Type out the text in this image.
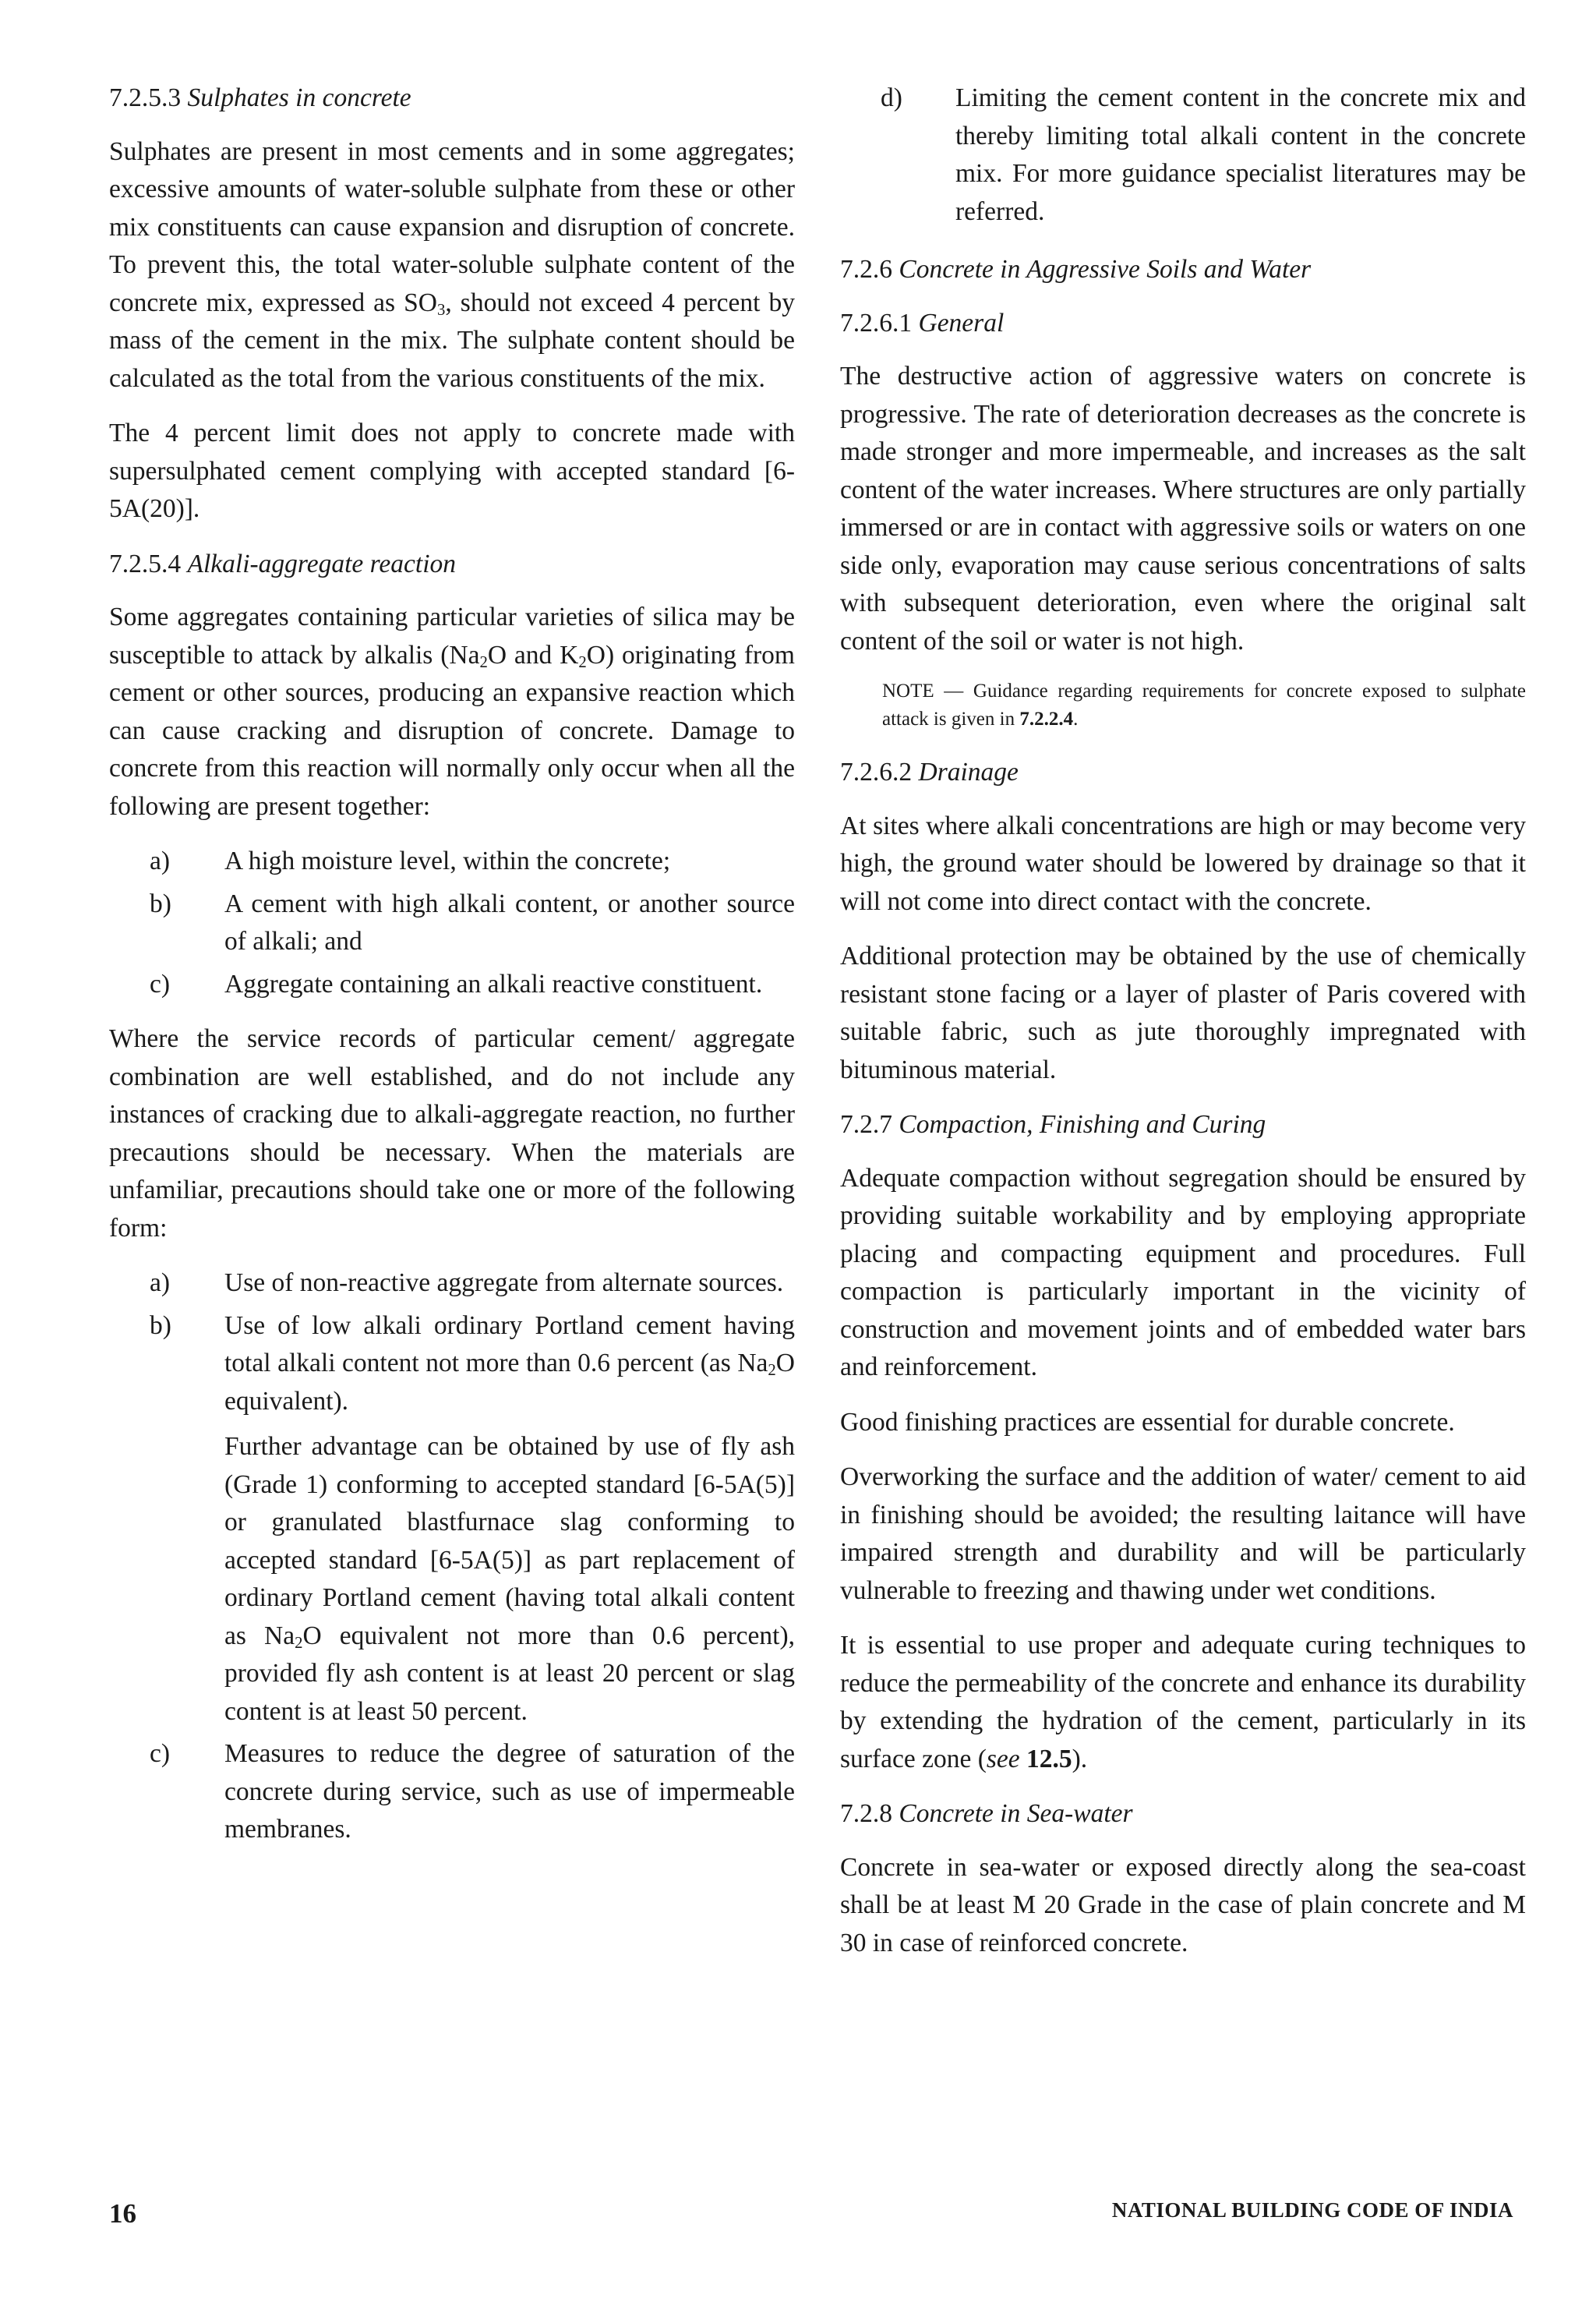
7.2.5.3 Sulphates in concrete

Sulphates are present in most cements and in some aggregates; excessive amounts of water-soluble sulphate from these or other mix constituents can cause expansion and disruption of concrete. To prevent this, the total water-soluble sulphate content of the concrete mix, expressed as $SO_3$, should not exceed 4 percent by mass of the cement in the mix. The sulphate content should be calculated as the total from the various constituents of the mix.

The 4 percent limit does not apply to concrete made with supersulphated cement complying with accepted standard [6-5A(20)].

7.2.5.4 Alkali-aggregate reaction

Some aggregates containing particular varieties of silica may be susceptible to attack by alkalis ($Na_2O$ and $K_2O$) originating from cement or other sources, producing an expansive reaction which can cause cracking and disruption of concrete. Damage to concrete from this reaction will normally only occur when all the following are present together:

a) A high moisture level, within the concrete;
b) A cement with high alkali content, or another source of alkali; and
c) Aggregate containing an alkali reactive constituent.

Where the service records of particular cement/ aggregate combination are well established, and do not include any instances of cracking due to alkali-aggregate reaction, no further precautions should be necessary. When the materials are unfamiliar, precautions should take one or more of the following form:

a) Use of non-reactive aggregate from alternate sources.
b) Use of low alkali ordinary Portland cement having total alkali content not more than 0.6 percent (as $Na_2O$ equivalent).

Further advantage can be obtained by use of fly ash (Grade 1) conforming to accepted standard [6-5A(5)] or granulated blastfurnace slag conforming to accepted standard [6-5A(5)] as part replacement of ordinary Portland cement (having total alkali content as $Na_2O$ equivalent not more than 0.6 percent), provided fly ash content is at least 20 percent or slag content is at least 50 percent.

c) Measures to reduce the degree of saturation of the concrete during service, such as use of impermeable membranes.
d) Limiting the cement content in the concrete mix and thereby limiting total alkali content in the concrete mix. For more guidance specialist literatures may be referred.
7.2.6 Concrete in Aggressive Soils and Water
7.2.6.1 General

The destructive action of aggressive waters on concrete is progressive. The rate of deterioration decreases as the concrete is made stronger and more impermeable, and increases as the salt content of the water increases. Where structures are only partially immersed or are in contact with aggressive soils or waters on one side only, evaporation may cause serious concentrations of salts with subsequent deterioration, even where the original salt content of the soil or water is not high.

NOTE — Guidance regarding requirements for concrete exposed to sulphate attack is given in 7.2.2.4.

7.2.6.2 Drainage

At sites where alkali concentrations are high or may become very high, the ground water should be lowered by drainage so that it will not come into direct contact with the concrete.

Additional protection may be obtained by the use of chemically resistant stone facing or a layer of plaster of Paris covered with suitable fabric, such as jute thoroughly impregnated with bituminous material.

7.2.7 Compaction, Finishing and Curing

Adequate compaction without segregation should be ensured by providing suitable workability and by employing appropriate placing and compacting equipment and procedures. Full compaction is particularly important in the vicinity of construction and movement joints and of embedded water bars and reinforcement.

Good finishing practices are essential for durable concrete.

Overworking the surface and the addition of water/ cement to aid in finishing should be avoided; the resulting laitance will have impaired strength and durability and will be particularly vulnerable to freezing and thawing under wet conditions.

It is essential to use proper and adequate curing techniques to reduce the permeability of the concrete and enhance its durability by extending the hydration of the cement, particularly in its surface zone (see 12.5).

7.2.8 Concrete in Sea-water

Concrete in sea-water or exposed directly along the sea-coast shall be at least M 20 Grade in the case of plain concrete and M 30 in case of reinforced concrete.

16	NATIONAL BUILDING CODE OF INDIA
